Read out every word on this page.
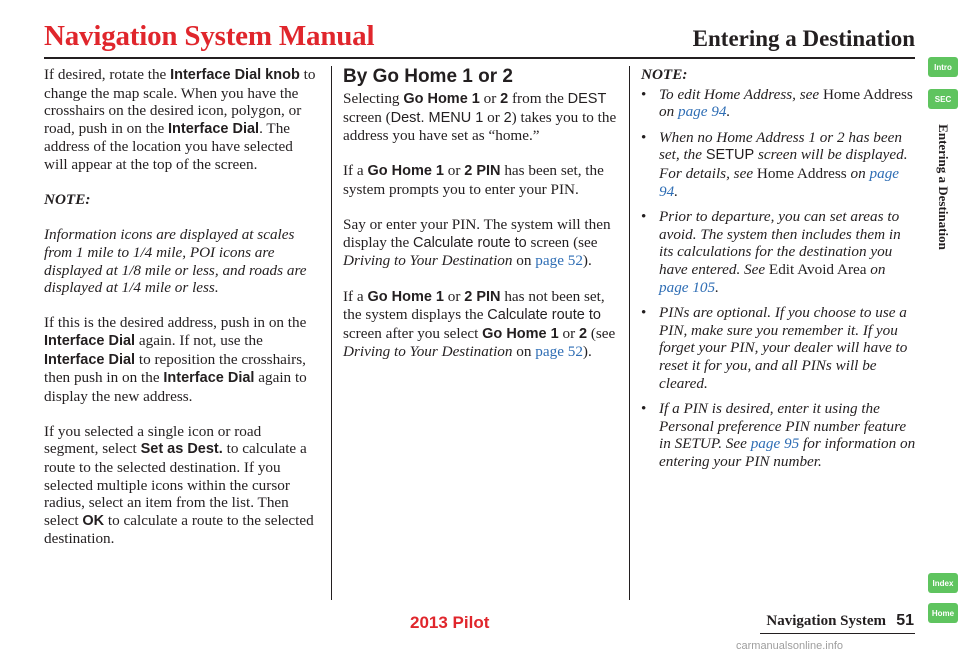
Navigation System Manual	Entering a Destination

If desired, rotate the Interface Dial knob to change the map scale. When you have the crosshairs on the desired icon, polygon, or road, push in on the Interface Dial. The address of the location you have selected will appear at the top of the screen.

NOTE:

Information icons are displayed at scales from 1 mile to 1/4 mile, POI icons are displayed at 1/8 mile or less, and roads are displayed at 1/4 mile or less.

If this is the desired address, push in on the Interface Dial again. If not, use the Interface Dial to reposition the crosshairs, then push in on the Interface Dial again to display the new address.

If you selected a single icon or road segment, select Set as Dest. to calculate a route to the selected destination. If you selected multiple icons within the cursor radius, select an item from the list. Then select OK to calculate a route to the selected destination.

By Go Home 1 or 2

Selecting Go Home 1 or 2 from the DEST screen (Dest. MENU 1 or 2) takes you to the address you have set as “home.”

If a Go Home 1 or 2 PIN has been set, the system prompts you to enter your PIN.

Say or enter your PIN. The system will then display the Calculate route to screen (see Driving to Your Destination on page 52).

If a Go Home 1 or 2 PIN has not been set, the system displays the Calculate route to screen after you select Go Home 1 or 2 (see Driving to Your Destination on page 52).

NOTE:

• To edit Home Address, see Home Address on page 94.
• When no Home Address 1 or 2 has been set, the SETUP screen will be displayed. For details, see Home Address on page 94.
• Prior to departure, you can set areas to avoid. The system then includes them in its calculations for the destination you have entered. See Edit Avoid Area on page 105.
• PINs are optional. If you choose to use a PIN, make sure you remember it. If you forget your PIN, your dealer will have to reset it for you, and all PINs will be cleared.
• If a PIN is desired, enter it using the Personal preference PIN number feature in SETUP. See page 95 for information on entering your PIN number.
Intro
SEC
Entering a Destination
Index
Home
2013 Pilot	Navigation System 51
carmanualsonline.info
